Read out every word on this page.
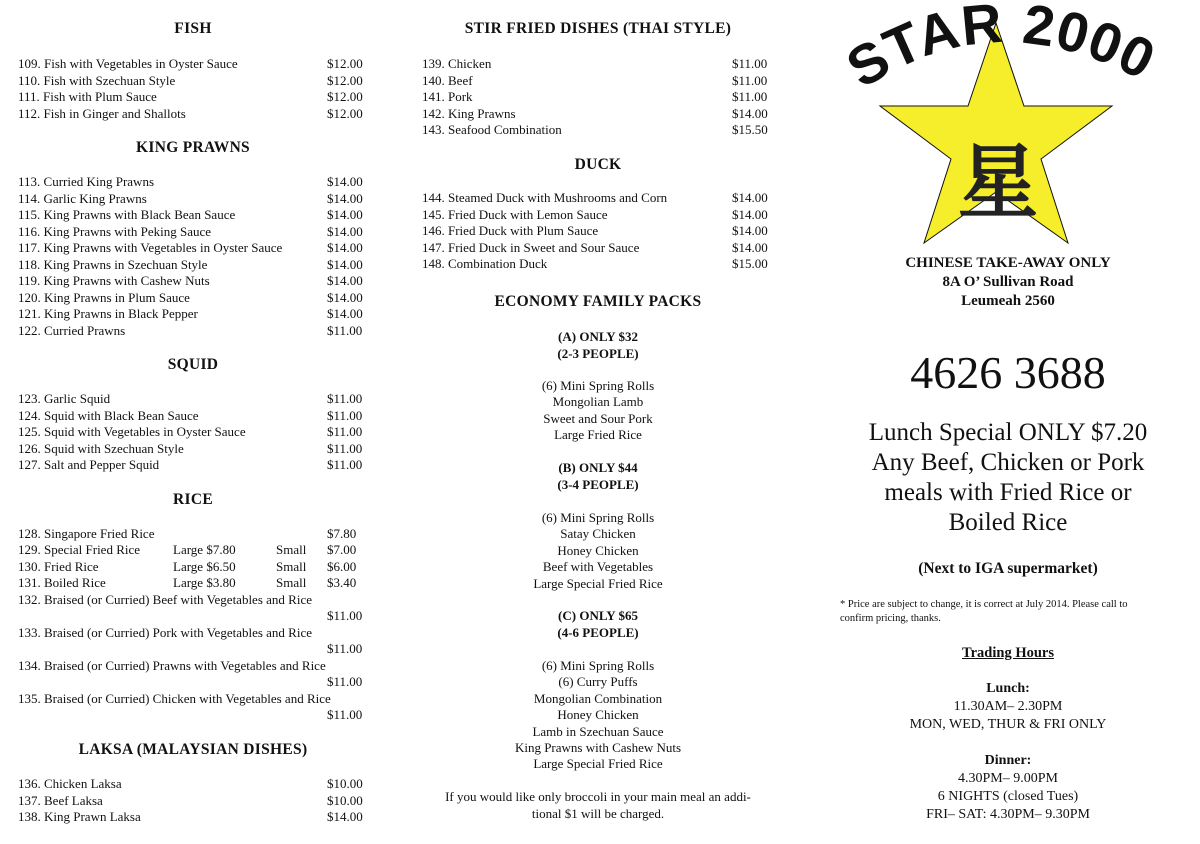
FISH
109. Fish with Vegetables in Oyster Sauce	$12.00
110. Fish with Szechuan Style	$12.00
111. Fish with Plum Sauce	$12.00
112. Fish in Ginger and Shallots	$12.00
KING PRAWNS
113. Curried King Prawns	$14.00
114. Garlic King Prawns	$14.00
115. King Prawns with Black Bean Sauce	$14.00
116. King Prawns with Peking Sauce	$14.00
117. King Prawns with Vegetables in Oyster Sauce	$14.00
118. King Prawns in Szechuan Style	$14.00
119. King Prawns with Cashew Nuts	$14.00
120. King Prawns in Plum Sauce	$14.00
121. King Prawns in Black Pepper	$14.00
122. Curried Prawns	$11.00
SQUID
123. Garlic Squid	$11.00
124. Squid with Black Bean Sauce	$11.00
125. Squid with Vegetables in Oyster Sauce	$11.00
126. Squid with Szechuan Style	$11.00
127. Salt and Pepper Squid	$11.00
RICE
128. Singapore Fried Rice	$7.80
129. Special Fried Rice	Large $7.80	Small $7.00
130. Fried Rice	Large $6.50	Small $6.00
131. Boiled Rice	Large $3.80	Small $3.40
132. Braised (or Curried) Beef with Vegetables and Rice
$11.00
133. Braised (or Curried) Pork with Vegetables and Rice
$11.00
134. Braised (or Curried) Prawns with Vegetables and Rice
$11.00
135. Braised (or Curried) Chicken with Vegetables and Rice
$11.00
LAKSA (MALAYSIAN DISHES)
136. Chicken Laksa	$10.00
137. Beef Laksa	$10.00
138. King Prawn Laksa	$14.00
STIR FRIED DISHES (THAI STYLE)
139. Chicken	$11.00
140. Beef	$11.00
141. Pork	$11.00
142. King Prawns	$14.00
143. Seafood Combination	$15.50
DUCK
144. Steamed Duck with Mushrooms and Corn	$14.00
145. Fried Duck with Lemon Sauce	$14.00
146. Fried Duck with Plum Sauce	$14.00
147. Fried Duck in Sweet and Sour Sauce	$14.00
148. Combination Duck	$15.00
ECONOMY FAMILY PACKS
(A) ONLY $32
(2-3 PEOPLE)
(6) Mini Spring Rolls
Mongolian Lamb
Sweet and Sour Pork
Large Fried Rice
(B) ONLY $44
(3-4 PEOPLE)
(6) Mini Spring Rolls
Satay Chicken
Honey Chicken
Beef with Vegetables
Large Special Fried Rice
(C) ONLY $65
(4-6 PEOPLE)
(6) Mini Spring Rolls
(6) Curry Puffs
Mongolian Combination
Honey Chicken
Lamb in Szechuan Sauce
King Prawns with Cashew Nuts
Large Special Fried Rice
If you would like only broccoli in your main meal an addi-
tional $1 will be charged.
STAR 2000
星
CHINESE TAKE-AWAY ONLY
8A O’ Sullivan Road
Leumeah 2560
4626 3688
Lunch Special ONLY $7.20
Any Beef, Chicken or Pork
meals with Fried Rice or
Boiled Rice
(Next to IGA supermarket)
* Price are subject to change, it is correct at July 2014. Please call to
confirm pricing, thanks.
Trading Hours
Lunch:
11.30AM– 2.30PM
MON, WED, THUR & FRI ONLY
Dinner:
4.30PM– 9.00PM
6 NIGHTS (closed Tues)
FRI– SAT: 4.30PM– 9.30PM
